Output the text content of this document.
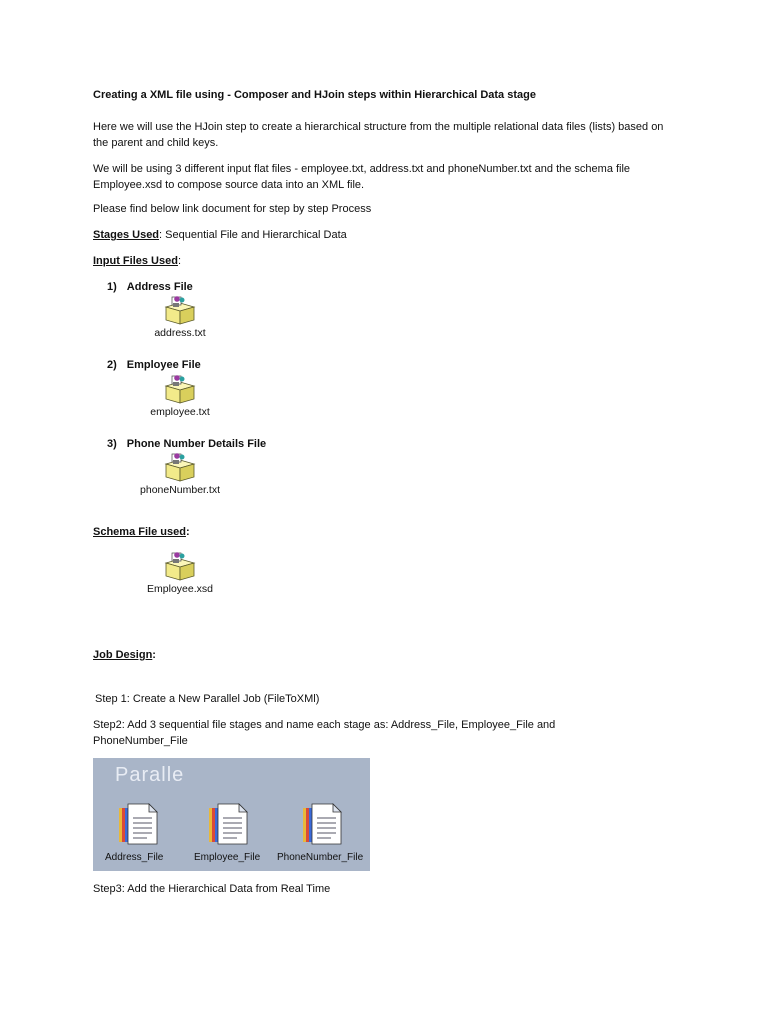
Creating a XML file using - Composer and HJoin steps within Hierarchical Data stage
Here we will use the HJoin step to create a hierarchical structure from the multiple relational data files (lists) based on the parent and child keys.
We will be using 3 different input flat files - employee.txt, address.txt and phoneNumber.txt and the schema file Employee.xsd to compose source data into an XML file.
Please find below link document for step by step Process
Stages Used: Sequential File and Hierarchical Data
Input Files Used:
1) Address File
address.txt
2) Employee File
employee.txt
3) Phone Number Details File
phoneNumber.txt
Schema File used:
Employee.xsd
Job Design:
Step 1: Create a New Parallel Job (FileToXMl)
Step2: Add 3 sequential file stages and name each stage as: Address_File, Employee_File and PhoneNumber_File
Paralle
Address_File	Employee_File PhoneNumber_File
Step3: Add the Hierarchical Data from Real Time
